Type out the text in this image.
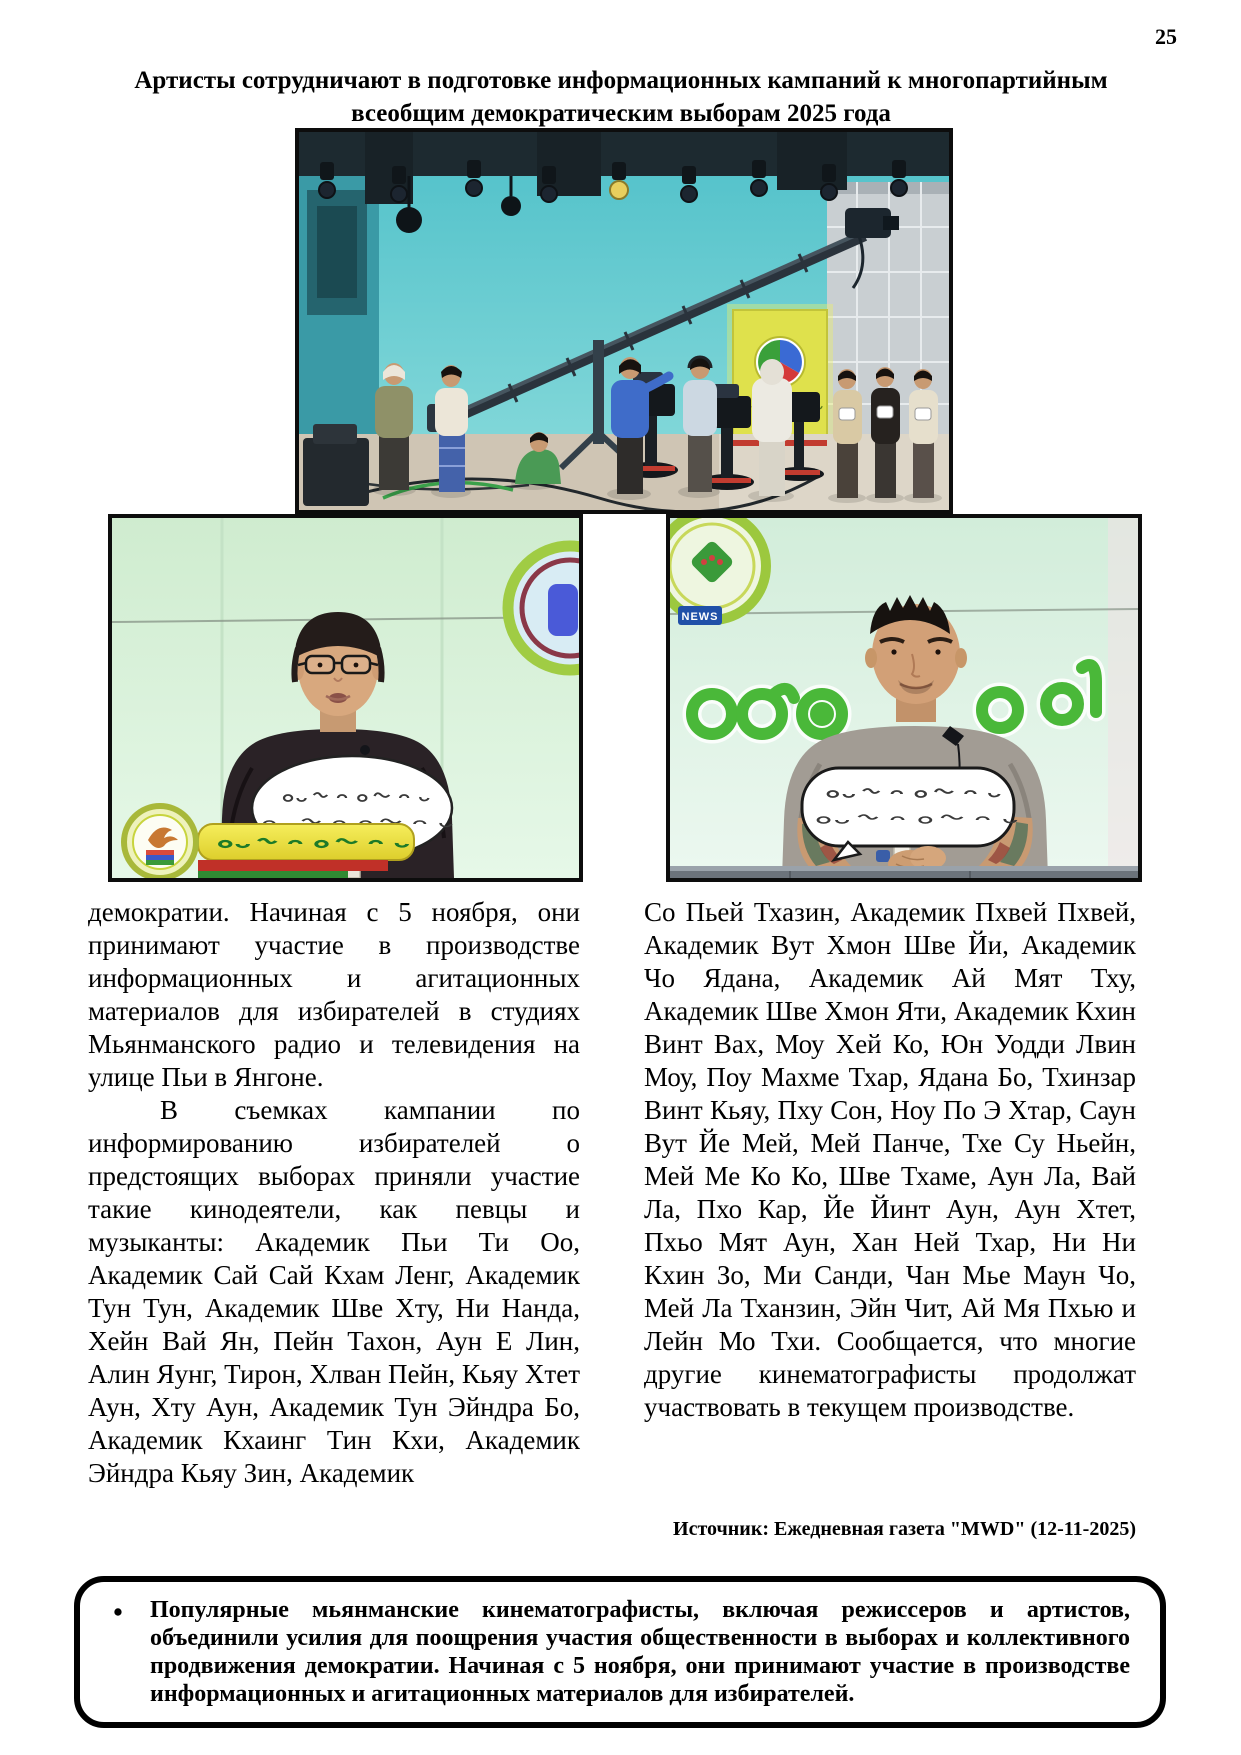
25
Артисты сотрудничают в подготовке информационных кампаний к многопартийным всеобщим демократическим выборам 2025 года
NEWS

демократии. Начиная с 5 ноября, они принимают участие в производстве информационных и агитационных материалов для избирателей в студиях Мьянманского радио и телевидения на улице Пьи в Янгоне.

В съемках кампании по информированию избирателей о предстоящих выборах приняли участие такие кинодеятели, как певцы и музыканты: Академик Пьи Ти Оо, Академик Сай Сай Кхам Ленг, Академик Тун Тун, Академик Шве Хту, Ни Нанда, Хейн Вай Ян, Пейн Тахон, Аун Е Лин, Алин Яунг, Тирон, Хлван Пейн, Кьяу Хтет Аун, Хту Аун, Академик Тун Эйндра Бо, Академик Кхаинг Тин Кхи, Академик Эйндра Кьяу Зин, Академик

Со Пьей Тхазин, Академик Пхвей Пхвей, Академик Вут Хмон Шве Йи, Академик Чо Ядана, Академик Ай Мят Тху, Академик Шве Хмон Яти, Академик Кхин Винт Вах, Моу Хей Ко, Юн Уодди Лвин Моу, Поу Махме Тхар, Ядана Бо, Тхинзар Винт Кьяу, Пху Сон, Ноу По Э Хтар, Саун Вут Йе Мей, Мей Панче, Тхе Су Ньейн, Мей Ме Ко Ко, Шве Тхаме, Аун Ла, Вай Ла, Пхо Кар, Йе Йинт Аун, Аун Хтет, Пхьо Мят Аун, Хан Ней Тхар, Ни Ни Кхин Зо, Ми Санди, Чан Мье Маун Чо, Мей Ла Тханзин, Эйн Чит, Ай Мя Пхью и Лейн Мо Тхи. Сообщается, что многие другие кинематографисты продолжат участвовать в текущем производстве.

Источник: Ежедневная газета "MWD" (12-11-2025)
•	Популярные мьянманские кинематографисты, включая режиссеров и артистов, объединили усилия для поощрения участия общественности в выборах и коллективного продвижения демократии. Начиная с 5 ноября, они принимают участие в производстве информационных и агитационных материалов для избирателей.
